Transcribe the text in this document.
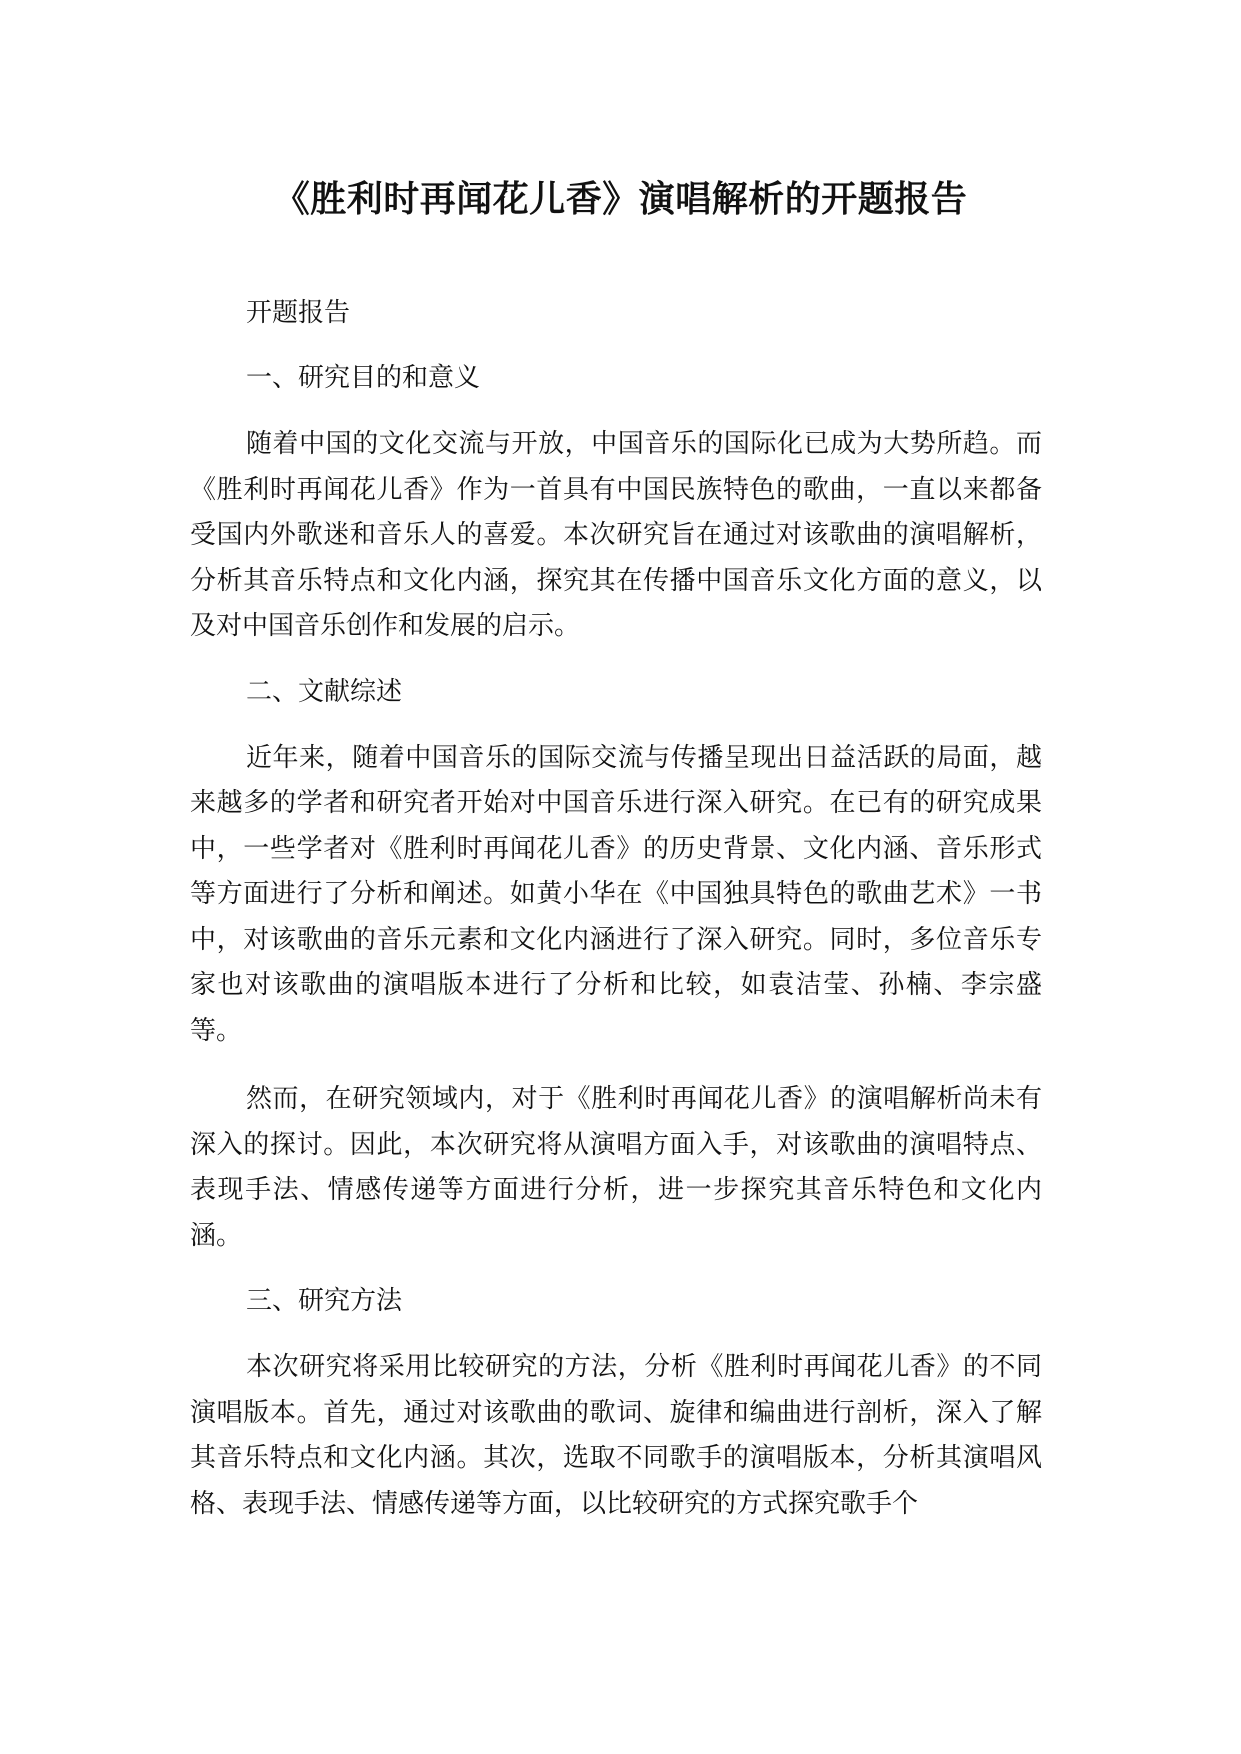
《胜利时再闻花儿香》演唱解析的开题报告

开题报告

一、研究目的和意义

随着中国的文化交流与开放，中国音乐的国际化已成为大势所趋。而《胜利时再闻花儿香》作为一首具有中国民族特色的歌曲，一直以来都备受国内外歌迷和音乐人的喜爱。本次研究旨在通过对该歌曲的演唱解析，分析其音乐特点和文化内涵，探究其在传播中国音乐文化方面的意义，以及对中国音乐创作和发展的启示。

二、文献综述

近年来，随着中国音乐的国际交流与传播呈现出日益活跃的局面，越来越多的学者和研究者开始对中国音乐进行深入研究。在已有的研究成果中，一些学者对《胜利时再闻花儿香》的历史背景、文化内涵、音乐形式等方面进行了分析和阐述。如黄小华在《中国独具特色的歌曲艺术》一书中，对该歌曲的音乐元素和文化内涵进行了深入研究。同时，多位音乐专家也对该歌曲的演唱版本进行了分析和比较，如袁洁莹、孙楠、李宗盛等。

然而，在研究领域内，对于《胜利时再闻花儿香》的演唱解析尚未有深入的探讨。因此，本次研究将从演唱方面入手，对该歌曲的演唱特点、表现手法、情感传递等方面进行分析，进一步探究其音乐特色和文化内涵。

三、研究方法

本次研究将采用比较研究的方法，分析《胜利时再闻花儿香》的不同演唱版本。首先，通过对该歌曲的歌词、旋律和编曲进行剖析，深入了解其音乐特点和文化内涵。其次，选取不同歌手的演唱版本，分析其演唱风格、表现手法、情感传递等方面，以比较研究的方式探究歌手个
